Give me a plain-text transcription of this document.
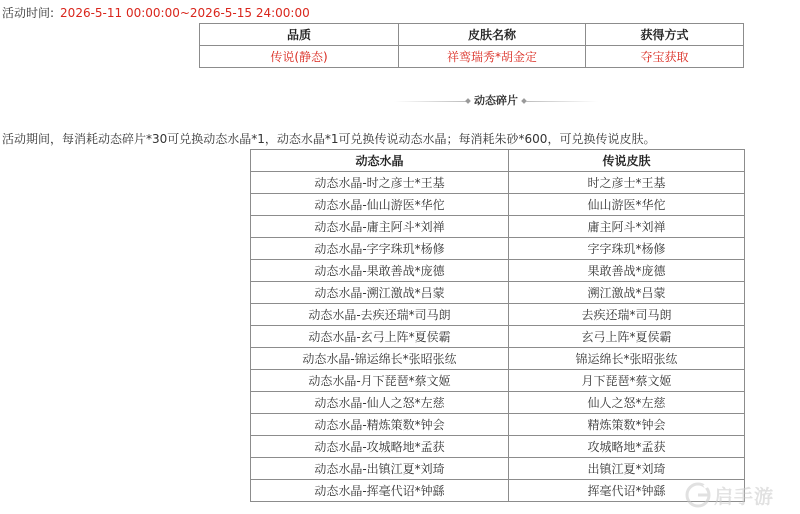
活动时间: 2026-5-11 00:00:00~2026-5-15 24:00:00
品质	皮肤名称	获得方式
传说(静态)	祥鸾瑞秀*胡金定	夺宝获取
动态碎片
活动期间，每消耗动态碎片*30可兑换动态水晶*1，动态水晶*1可兑换传说动态水晶；每消耗朱砂*600，可兑换传说皮肤。
动态水晶	传说皮肤
动态水晶-时之彦士*王基	时之彦士*王基
动态水晶-仙山游医*华佗	仙山游医*华佗
动态水晶-庸主阿斗*刘禅	庸主阿斗*刘禅
动态水晶-字字珠玑*杨修	字字珠玑*杨修
动态水晶-果敢善战*庞德	果敢善战*庞德
动态水晶-溯江激战*吕蒙	溯江激战*吕蒙
动态水晶-去疾还瑞*司马朗	去疾还瑞*司马朗
动态水晶-玄弓上阵*夏侯霸	玄弓上阵*夏侯霸
动态水晶-锦运绵长*张昭张纮	锦运绵长*张昭张纮
动态水晶-月下琵琶*蔡文姬	月下琵琶*蔡文姬
动态水晶-仙人之怒*左慈	仙人之怒*左慈
动态水晶-精炼策数*钟会	精炼策数*钟会
动态水晶-攻城略地*孟获	攻城略地*孟获
动态水晶-出镇江夏*刘琦	出镇江夏*刘琦
动态水晶-挥毫代诏*钟繇	挥毫代诏*钟繇	启手游
